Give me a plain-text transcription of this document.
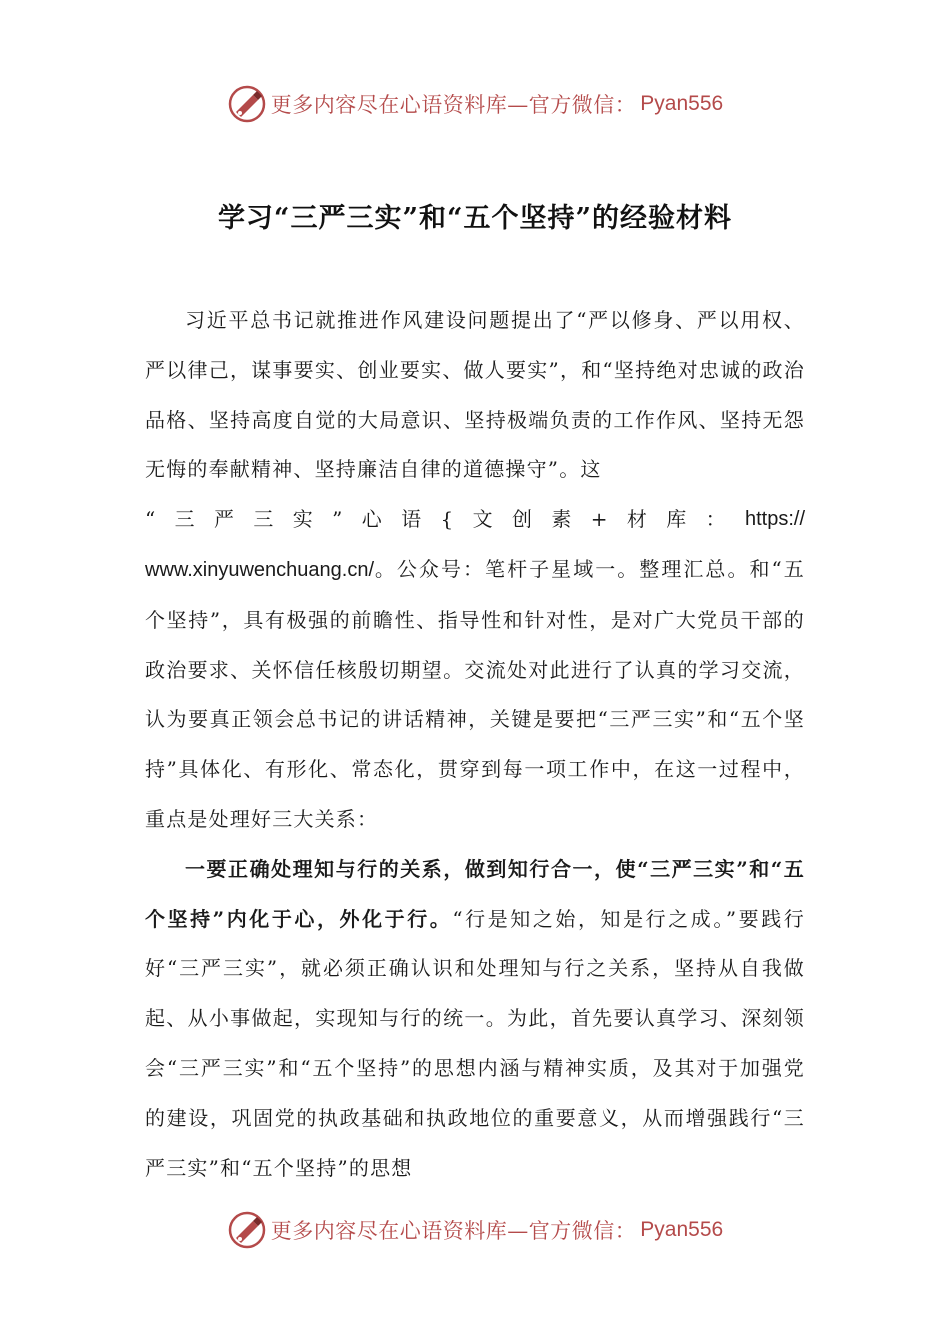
更多内容尽在心语资料库—官方微信： Pyan556
学习“三严三实”和“五个坚持”的经验材料

习近平总书记就推进作风建设问题提出了“严以修身、严以用权、严以律己，谋事要实、创业要实、做人要实”，和“坚持绝对忠诚的政治品格、坚持高度自觉的大局意识、坚持极端负责的工作作风、坚持无怨无悔的奉献精神、坚持廉洁自律的道德操守”。这
“ 三 严 三 实 ” 心 语 { 文 创 素 + 材 库 ： https://
www.xinyuwenchuang.cn/。公众号：笔杆子星域一。整理汇总。和“五个坚持”，具有极强的前瞻性、指导性和针对性，是对广大党员干部的政治要求、关怀信任核殷切期望。交流处对此进行了认真的学习交流，认为要真正领会总书记的讲话精神，关键是要把“三严三实”和“五个坚持”具体化、有形化、常态化，贯穿到每一项工作中，在这一过程中，重点是处理好三大关系：

一要正确处理知与行的关系，做到知行合一，使“三严三实”和“五个坚持”内化于心，外化于行。“行是知之始，知是行之成。”要践行好“三严三实”，就必须正确认识和处理知与行之关系，坚持从自我做起、从小事做起，实现知与行的统一。为此，首先要认真学习、深刻领会“三严三实”和“五个坚持”的思想内涵与精神实质，及其对于加强党的建设，巩固党的执政基础和执政地位的重要意义，从而增强践行“三严三实”和“五个坚持”的思想

更多内容尽在心语资料库—官方微信： Pyan556
